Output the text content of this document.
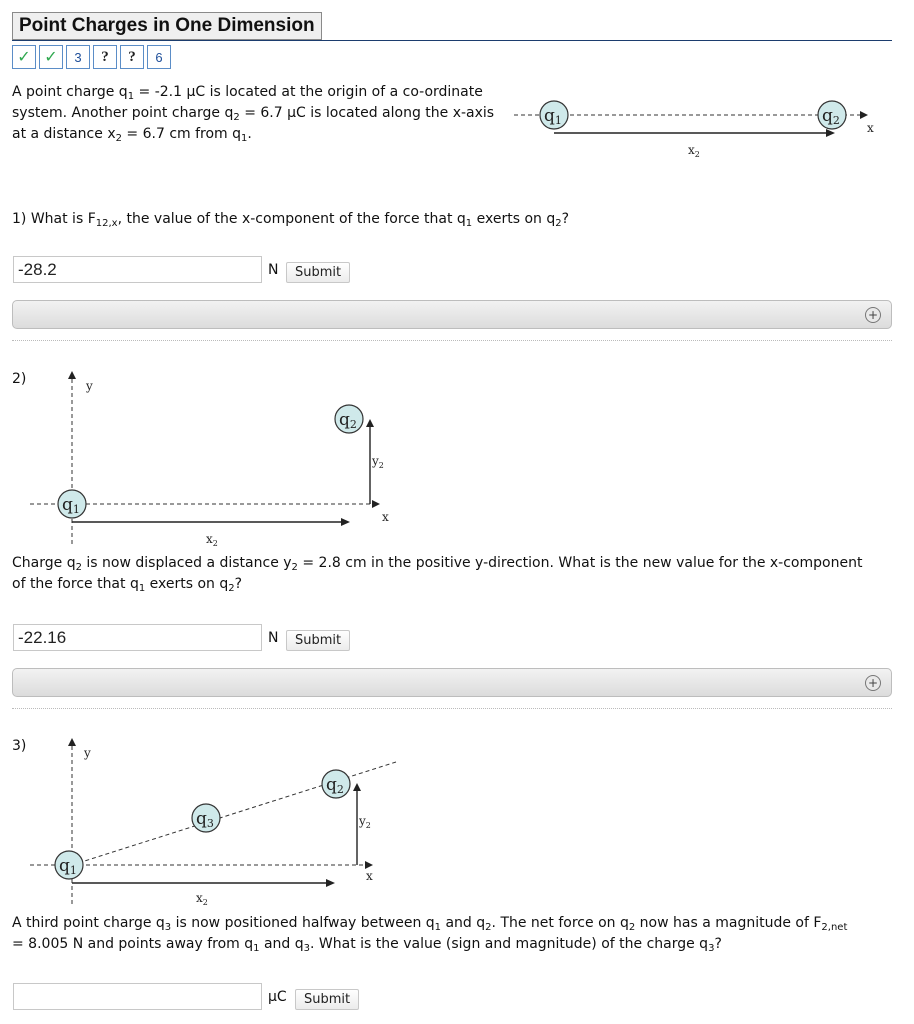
Point Charges in One Dimension
✓ ✓	3	?	?	6
A point charge $q_1 = -2.1$ μC is located at the origin of a co-ordinate
system. Another point charge $q_2 = 6.7$ μC is located along the x-axis
at a distance $x_2 = 6.7$ cm from $q_1$.	x
$x_2$
q1	q2
1) What is $F_{12,x}$, the value of the x-component of the force that $q_1$ exerts on $q_2$?
-28.2
N	Submit
+
2)	y
x
$x_2$
$y_2$
q1
q2
Charge $q_2$ is now displaced a distance $y_2 = 2.8$ cm in the positive y-direction. What is the new value for the x-component
of the force that $q_1$ exerts on $q_2$?
-22.16
N	Submit
+
3)	y
x
$x_2$
$y_2$
q1
q3
q2
A third point charge $q_3$ is now positioned halfway between $q_1$ and $q_2$. The net force on $q_2$ now has a magnitude of $F_{2,net}$
= 8.005 N and points away from $q_1$ and $q_3$. What is the value (sign and magnitude) of the charge $q_3$?
μC	Submit
